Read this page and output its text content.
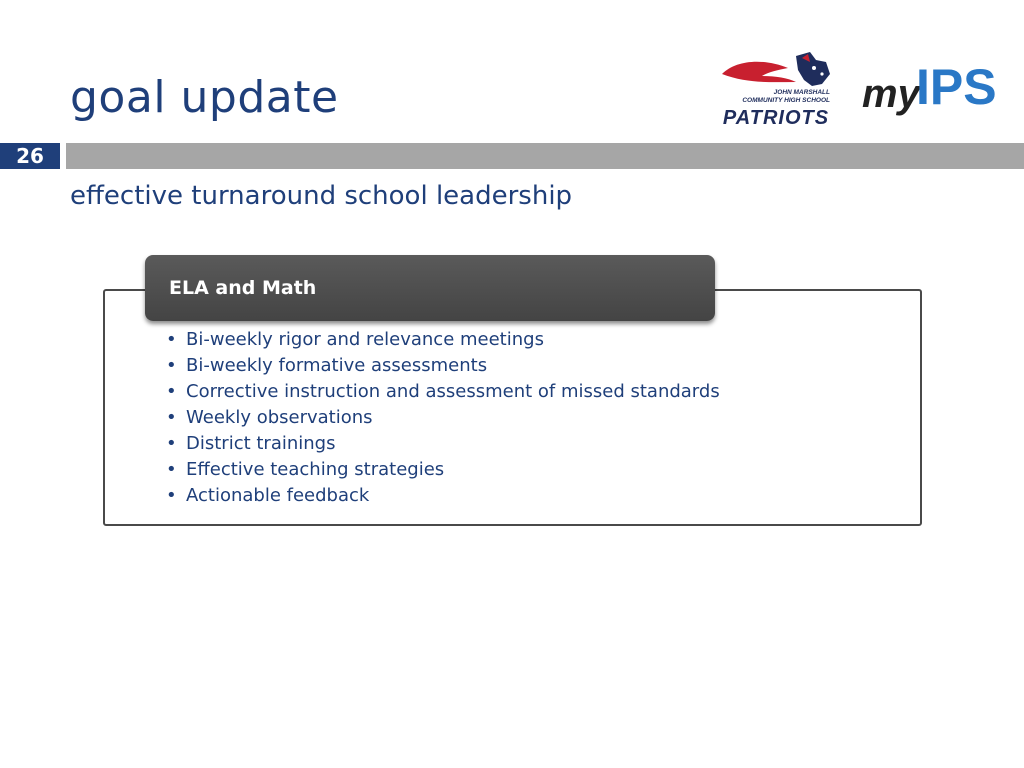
goal update	JOHN MARSHALL
COMMUNITY HIGH SCHOOL
PATRIOTS
my
IPS
26
effective turnaround school leadership
ELA and Math
• Bi-weekly rigor and relevance meetings
• Bi-weekly formative assessments
• Corrective instruction and assessment of missed standards
• Weekly observations
• District trainings
• Effective teaching strategies
• Actionable feedback
